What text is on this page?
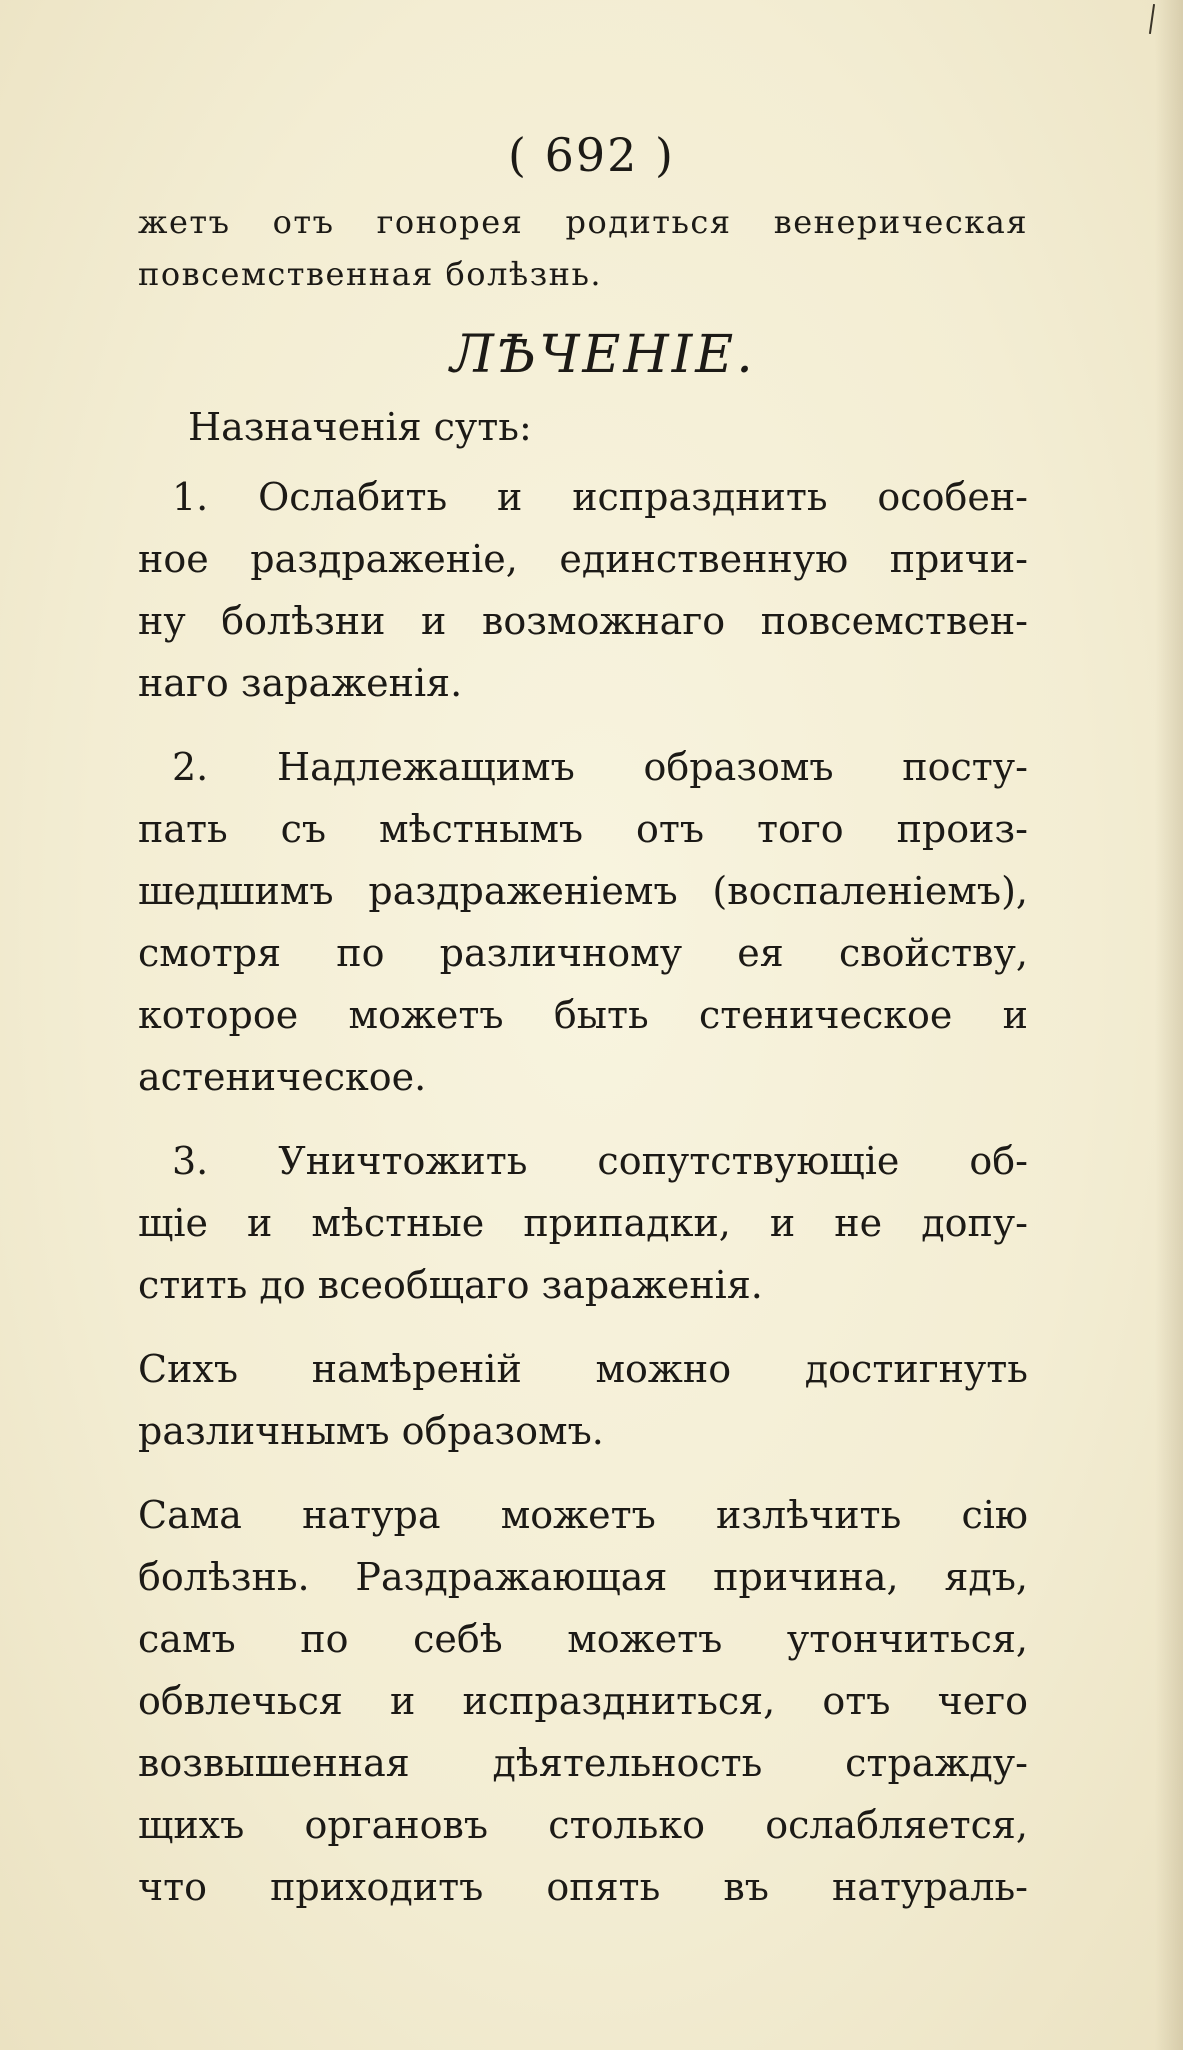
( 692 )
жетъ отъ гонорея родиться венерическая
повсемственная болѣзнь.
ЛѢЧЕНІЕ.
Назначенія суть:
1. Ослабить и испразднить особен-
ное раздраженіе, единственную причи-
ну болѣзни и возможнаго повсемствен-
наго зараженія.
2. Надлежащимъ образомъ посту-
пать съ мѣстнымъ отъ того произ-
шедшимъ раздраженіемъ (воспаленіемъ),
смотря по различному ея свойству,
которое можетъ быть стеническое и
астеническое.
3. Уничтожить сопутствующіе об-
щіе и мѣстные припадки, и не допу-
стить до всеобщаго зараженія.
Сихъ намѣреній можно достигнуть
различнымъ образомъ.
Сама натура можетъ излѣчить сію
болѣзнь. Раздражающая причина, ядъ,
самъ по себѣ можетъ утончиться,
обвлечься и испраздниться, отъ чего
возвышенная дѣятельность стражду-
щихъ органовъ столько ослабляется,
что приходитъ опять въ натураль-
